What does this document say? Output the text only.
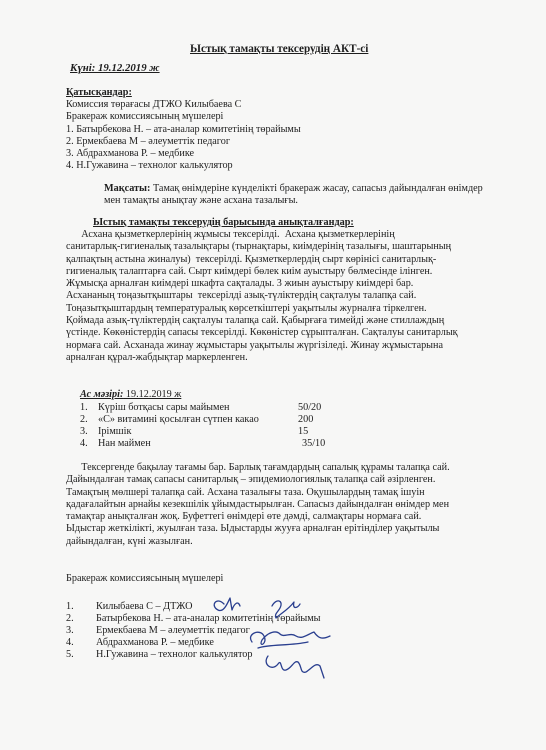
Ыстық тамақты тексерудің АКТ-сі
Күні: 19.12.2019 ж
Қатысқандар:
Комиссия төрағасы ДТЖО Килыбаева С
Бракераж комиссиясының мүшелері
1. Батырбекова Н. – ата-аналар комитетінің төрайымы
2. Ермекбаева М – әлеуметтік педагог
3. Абдрахманова Р. – медбике
4. Н.Гужавина – технолог калькулятор
Мақсаты: Тамақ өнімдеріне күнделікті бракераж жасау, сапасыз дайындалған өнімдер мен тамақты анықтау және асхана тазалығы.
Ыстық тамақты тексерудің барысында анықталғандар:
Асхана қызметкерлерінің жұмысы тексерілді.  Асхана қызметкерлерінің
санитарлық-гигиеналық тазалықтары (тырнақтары, киімдерінің тазалығы, шаштарының
қалпақтың астына жиналуы)  тексерілді. Қызметкерлердің сырт көрінісі санитарлық-
гигиеналық талаптарға сай. Сырт киімдері бөлек киім ауыстыру бөлмесінде ілінген.
Жұмысқа арналған киімдері шкафта сақталады. 3 жиын ауыстыру киімдері бар.
Асхананың тоңазытқыштары  тексерілді азық-түліктердің сақталуы талапқа сай.
Тоңазытқыштардың температуралық көрсеткіштері уақытылы журналға тіркелген.
Қоймада азық-түліктердің сақталуы талапқа сай. Қабырғаға тимейді және стиллаждың
үстінде. Көкөністердің сапасы тексерілді. Көкөністер сұрыпталған. Сақталуы санитарлық
нормаға сай. Асханада жинау жұмыстары уақытылы жүргізіледі. Жинау жұмыстарына
арналған құрал-жабдықтар маркерленген.
Ас мәзірі: 19.12.2019 ж
1. Күріш ботқасы сары майымен	50/20
2. «С» витамині қосылған сүтпен какао	200
3. Ірімшік	15
4. Нан маймен	35/10
Тексергенде бақылау тағамы бар. Барлық тағамдардың сапалық құрамы талапқа сай.
Дайындалған тамақ сапасы санитарлық – эпидемиологиялық талапқа сай әзірленген.
Тамақтың мөлшері талапқа сай. Асхана тазалығы таза. Оқушылардың тамақ ішуін
қадағалайтын арнайы кезекшілік ұйымдастырылған. Сапасыз дайындалған өнімдер мен
тамақтар анықталған жоқ. Буфеттегі өнімдері өте дәмді, салмақтары нормаға сай.
Ыдыстар жеткілікті, жуылған таза. Ыдыстарды жууға арналған ерітінділер уақытылы
дайындалған, күні жазылған.
Бракераж комиссиясының мүшелері
1. Килыбаева С – ДТЖО
2. Батырбекова Н. – ата-аналар комитетінің төрайымы
3. Ермекбаева М – әлеуметтік педагог
4. Абдрахманова Р. – медбике
5. Н.Гужавина – технолог калькулятор
